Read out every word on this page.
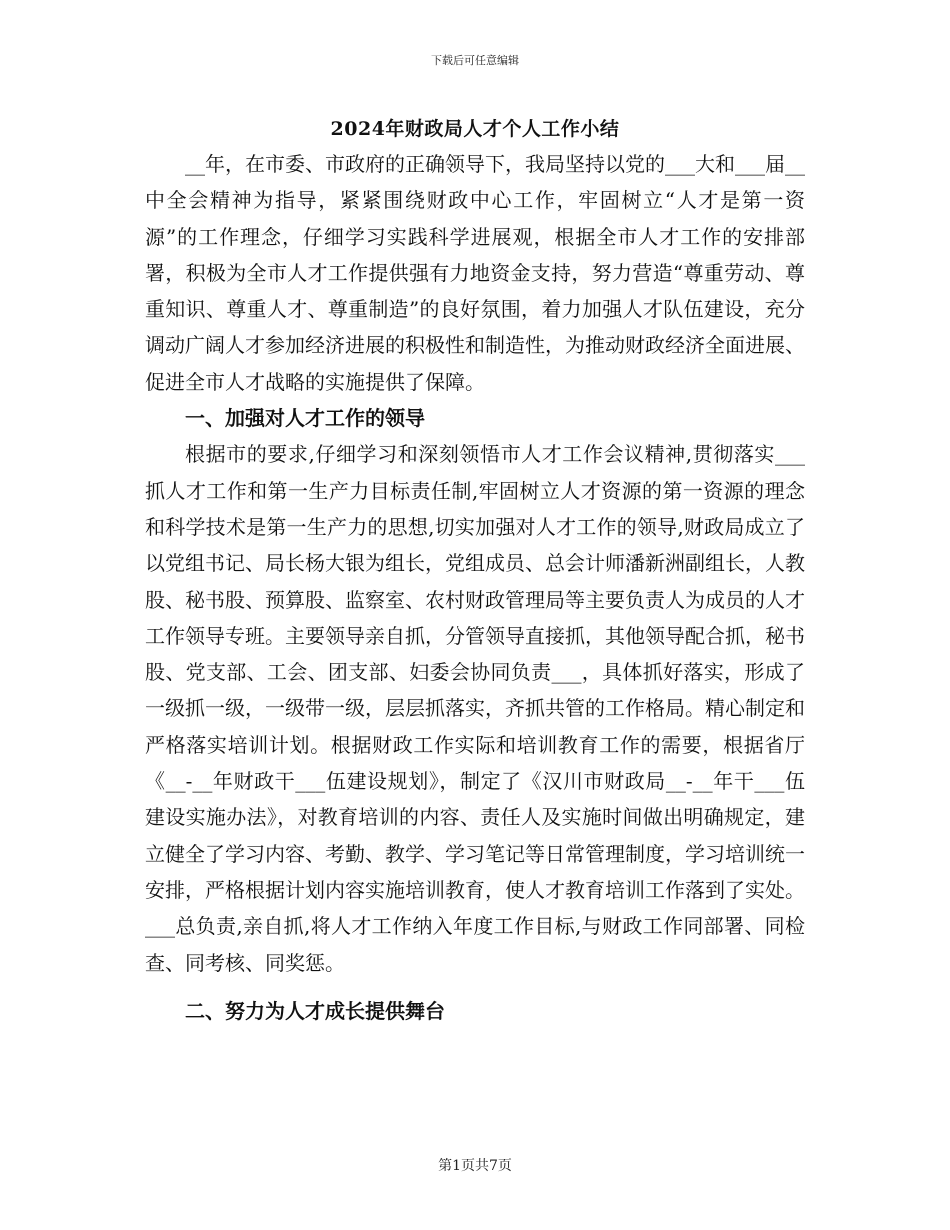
下载后可任意编辑
2024年财政局人才个人工作小结

__年，在市委、市政府的正确领导下，我局坚持以党的___大和___届__中全会精神为指导，紧紧围绕财政中心工作，牢固树立“人才是第一资源”的工作理念，仔细学习实践科学进展观，根据全市人才工作的安排部署，积极为全市人才工作提供强有力地资金支持，努力营造“尊重劳动、尊重知识、尊重人才、尊重制造”的良好氛围，着力加强人才队伍建设，充分调动广阔人才参加经济进展的积极性和制造性，为推动财政经济全面进展、促进全市人才战略的实施提供了保障。

一、加强对人才工作的领导

根据市的要求,仔细学习和深刻领悟市人才工作会议精神,贯彻落实___抓人才工作和第一生产力目标责任制,牢固树立人才资源的第一资源的理念和科学技术是第一生产力的思想,切实加强对人才工作的领导,财政局成立了以党组书记、局长杨大银为组长，党组成员、总会计师潘新洲副组长，人教股、秘书股、预算股、监察室、农村财政管理局等主要负责人为成员的人才工作领导专班。主要领导亲自抓，分管领导直接抓，其他领导配合抓，秘书股、党支部、工会、团支部、妇委会协同负责___，具体抓好落实，形成了一级抓一级，一级带一级，层层抓落实，齐抓共管的工作格局。精心制定和严格落实培训计划。根据财政工作实际和培训教育工作的需要，根据省厅《__-__年财政干___伍建设规划》，制定了《汉川市财政局__-__年干___伍建设实施办法》，对教育培训的内容、责任人及实施时间做出明确规定，建立健全了学习内容、考勤、教学、学习笔记等日常管理制度，学习培训统一安排，严格根据计划内容实施培训教育，使人才教育培训工作落到了实处。___总负责,亲自抓,将人才工作纳入年度工作目标,与财政工作同部署、同检查、同考核、同奖惩。

二、努力为人才成长提供舞台

第1页共7页
